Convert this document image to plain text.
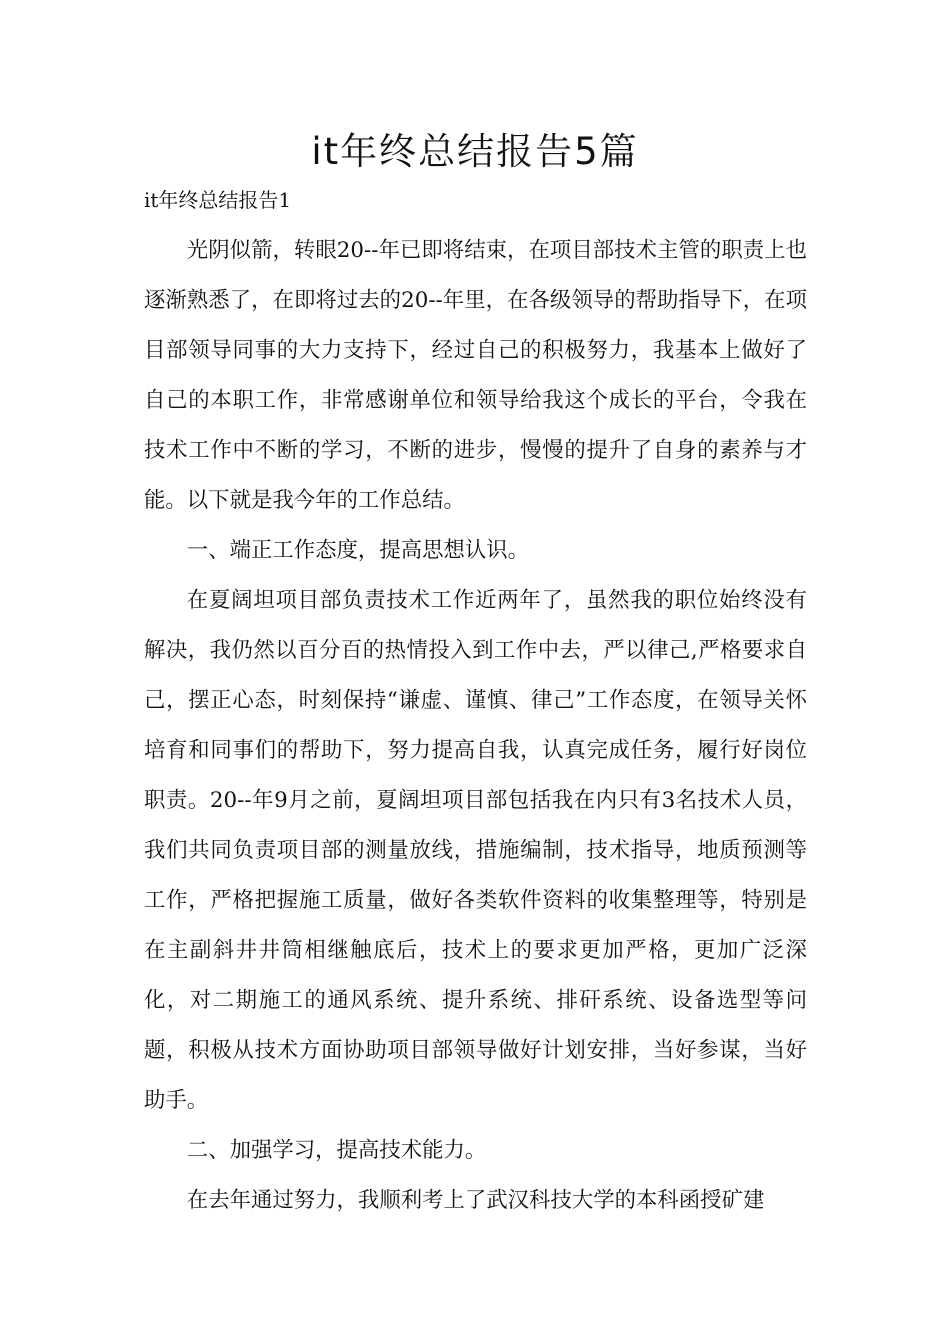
it年终总结报告5篇

it年终总结报告1

光阴似箭，转眼20--年已即将结束，在项目部技术主管的职责上也逐渐熟悉了，在即将过去的20--年里，在各级领导的帮助指导下，在项目部领导同事的大力支持下，经过自己的积极努力，我基本上做好了自己的本职工作，非常感谢单位和领导给我这个成长的平台，令我在技术工作中不断的学习，不断的进步，慢慢的提升了自身的素养与才能。以下就是我今年的工作总结。

一、端正工作态度，提高思想认识。

在夏阔坦项目部负责技术工作近两年了，虽然我的职位始终没有解决，我仍然以百分百的热情投入到工作中去，严以律己,严格要求自己，摆正心态，时刻保持“谦虚、谨慎、律己”工作态度，在领导关怀培育和同事们的帮助下，努力提高自我，认真完成任务，履行好岗位职责。20--年9月之前，夏阔坦项目部包括我在内只有3名技术人员，我们共同负责项目部的测量放线，措施编制，技术指导，地质预测等工作，严格把握施工质量，做好各类软件资料的收集整理等，特别是在主副斜井井筒相继触底后，技术上的要求更加严格，更加广泛深化，对二期施工的通风系统、提升系统、排矸系统、设备选型等问题，积极从技术方面协助项目部领导做好计划安排，当好参谋，当好助手。

二、加强学习，提高技术能力。

在去年通过努力，我顺利考上了武汉科技大学的本科函授矿建
